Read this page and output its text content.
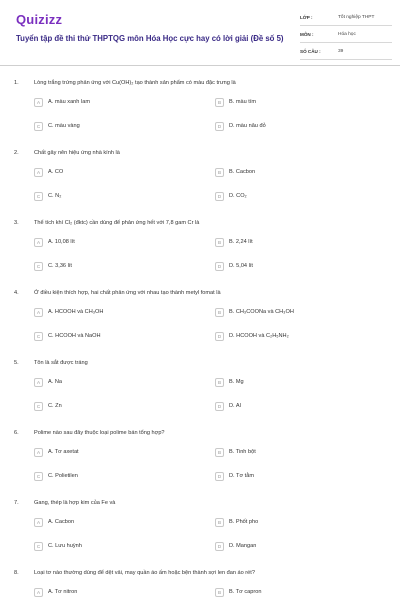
Quizizz
Tuyển tập đề thi thử THPTQG môn Hóa Học cực hay có lời giải (Đề số 5)
LỚP :	Tốt nghiệp THPT
MÔN :	Hóa học
SỐ CÂU :	39
1.	Lòng trắng trứng phản ứng với Cu(OH)₂ tạo thành sản phẩm có màu đặc trưng là
A	A. màu xanh lam	B	B. màu tím
C	C. màu vàng	D	D. màu nâu đỏ
2.	Chất gây nên hiệu ứng nhà kính là
A	A. CO	B	B. Cacbon
C	C. N₂	D	D. CO₂
3.	Thể tích khí Cl₂ (đktc) cần dùng để phản ứng hết với 7,8 gam Cr là
A	A. 10,08 lít	B	B. 2,24 lít
C	C. 3,36 lít	D	D. 5,04 lít
4.	Ở điều kiện thích hợp, hai chất phản ứng với nhau tạo thành metyl fomat là
A	A. HCOOH và CH₃OH	B	B. CH₃COONa và CH₃OH
C	C. HCOOH và NaOH	D	D. HCOOH và C₂H₅NH₂
5.	Tôn là sắt được tráng
A	A. Na	B	B. Mg
C	C. Zn	D	D. Al
6.	Polime nào sau đây thuộc loại polime bán tổng hợp?
A	A. Tơ axetat	B	B. Tinh bột
C	C. Polietilen	D	D. Tơ tằm
7.	Gang, thép là hợp kim của Fe và
A	A. Cacbon	B	B. Phốt pho
C	C. Lưu huỳnh	D	D. Mangan
8.	Loại tơ nào thường dùng để dệt vải, may quần áo ấm hoặc bện thành sợi len đan áo rét?
A	A. Tơ nitron	B	B. Tơ capron
